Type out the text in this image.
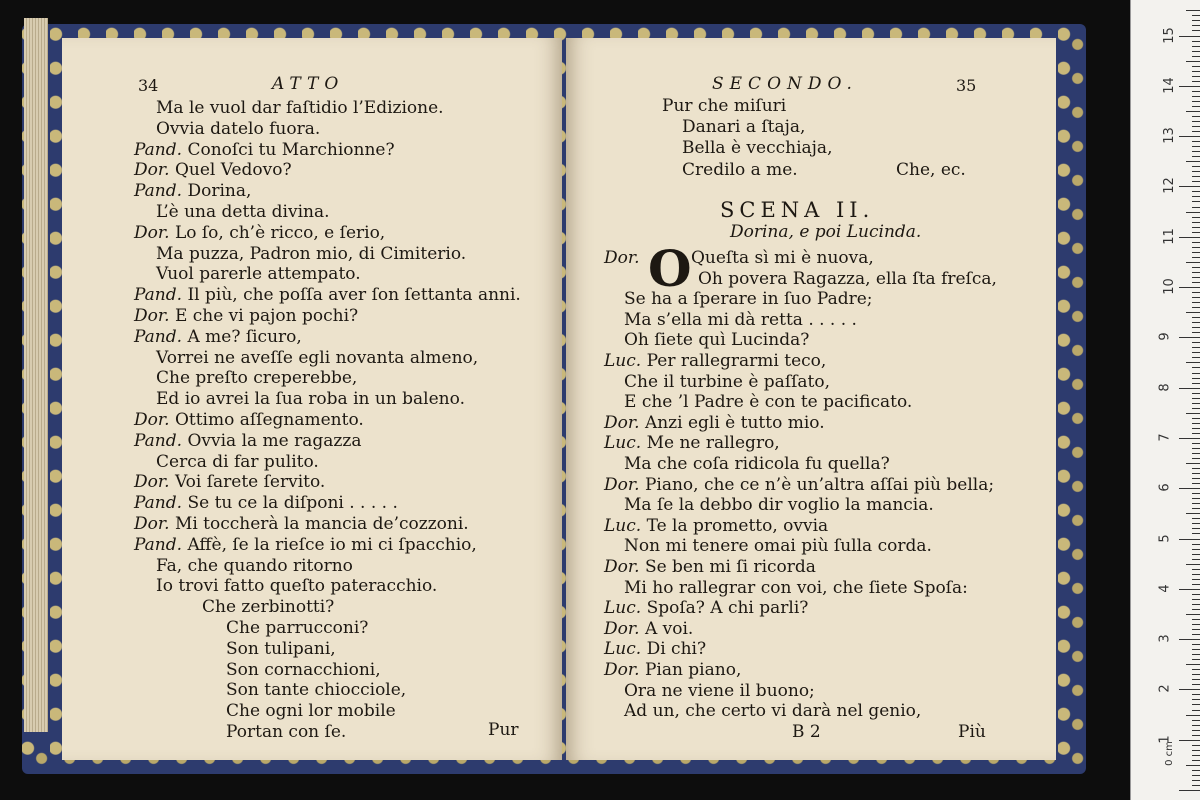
34	ATTO
Ma le vuol dar faſtidio l’Edizione.
Ovvia datelo fuora.
Pand. Conoſci tu Marchionne?
Dor. Quel Vedovo?
Pand. Dorina,
L’è una detta divina.
Dor. Lo ſo, ch’è ricco, e ſerio,
Ma puzza, Padron mio, di Cimiterio.
Vuol parerle attempato.
Pand. Il più, che poſſa aver ſon ſettanta anni.
Dor. E che vi pajon pochi?
Pand. A me? ſicuro,
Vorrei ne aveſſe egli novanta almeno,
Che preſto creperebbe,
Ed io avrei la ſua roba in un baleno.
Dor. Ottimo aſſegnamento.
Pand. Ovvia la me ragazza
Cerca di far pulito.
Dor. Voi ſarete ſervito.
Pand. Se tu ce la diſponi . . . . .
Dor. Mi toccherà la mancia de’cozzoni.
Pand. Affè, ſe la rieſce io mi ci ſpacchio,
Fa, che quando ritorno
Io trovi fatto queſto pateracchio.
Che zerbinotti?
Che parrucconi?
Son tulipani,
Son cornacchioni,
Son tante chiocciole,
Che ogni lor mobile
Portan con ſe.	Pur
SECONDO.	35
Pur che miſuri
Danari a ſtaja,
Bella è vecchiaja,
Credilo a me.	Che, ec.
SCENA II.
Dorina, e poi Lucinda.
O
Dor.	Queſta sì mi è nuova,
Oh povera Ragazza, ella ſta freſca,
Se ha a ſperare in ſuo Padre;
Ma s’ella mi dà retta . . . . .
Oh ſiete quì Lucinda?
Luc. Per rallegrarmi teco,
Che il turbine è paſſato,
E che ’l Padre è con te pacificato.
Dor. Anzi egli è tutto mio.
Luc. Me ne rallegro,
Ma che coſa ridicola fu quella?
Dor. Piano, che ce n’è un’altra aſſai più bella;
Ma ſe la debbo dir voglio la mancia.
Luc. Te la prometto, ovvia
Non mi tenere omai più ſulla corda.
Dor. Se ben mi ſi ricorda
Mi ho rallegrar con voi, che ſiete Spoſa:
Luc. Spoſa? A chi parli?
Dor. A voi.
Luc. Di chi?
Dor. Pian piano,
Ora ne viene il buono;
Ad un, che certo vi darà nel genio,
B 2	Più	1
2
3
4
5
6
7
8
9
10
11
12
13
14
15
0 cm
